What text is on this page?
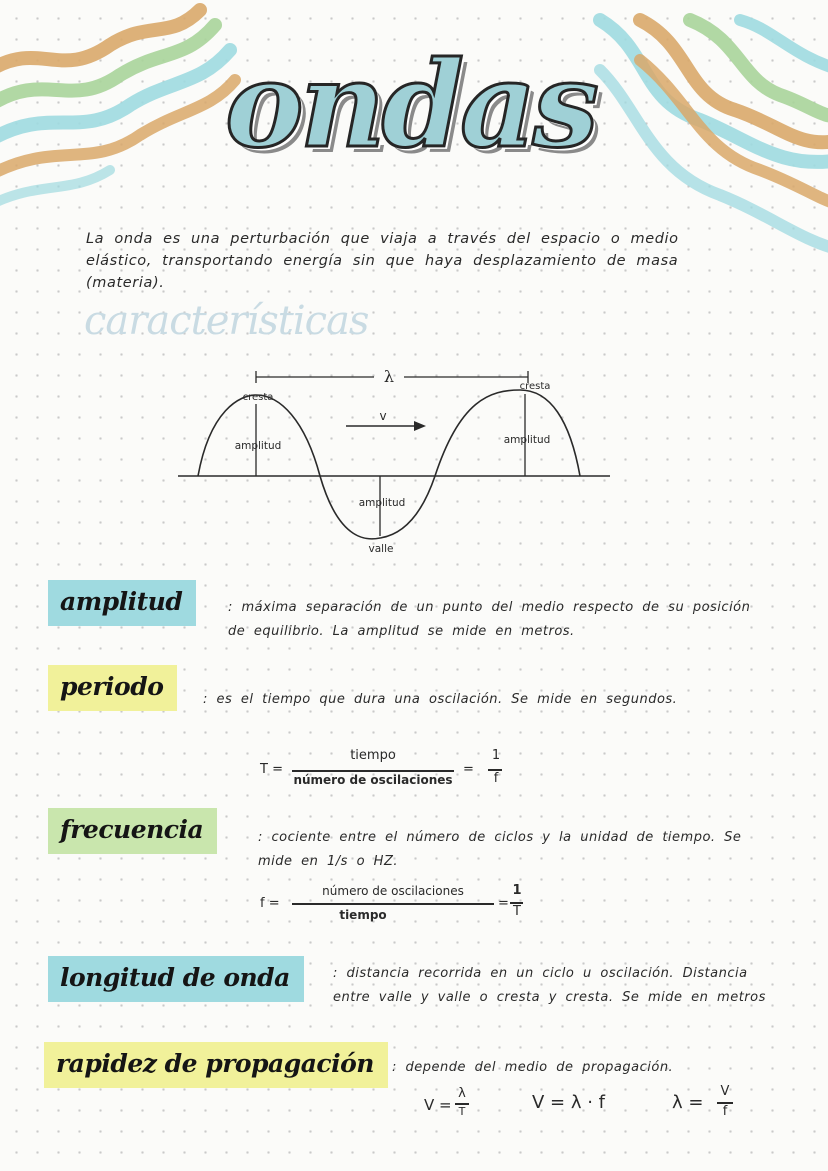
ondas
La onda es una perturbación que viaja a través del espacio o medio elástico, transportando energía sin que haya desplazamiento de masa (materia).
características
λ
cresta
cresta
amplitud	amplitud
amplitud
v
valle
amplitud	: máxima separación de un punto del medio respecto de su posición de equilibrio. La amplitud se mide en metros.
periodo	: es el tiempo que dura una oscilación. Se mide en segundos.
T =
tiempo
número de oscilaciones
=
1
f
frecuencia	: cociente entre el número de ciclos y la unidad de tiempo. Se mide en 1/s o HZ.
f =
número de oscilaciones
tiempo
=
1
T
longitud de onda	: distancia recorrida en un ciclo u oscilación. Distancia entre valle y valle o cresta y cresta. Se mide en metros
rapidez de propagación	: depende del medio de propagación.
V =
λ
T	V = λ · f	λ =
V
f
